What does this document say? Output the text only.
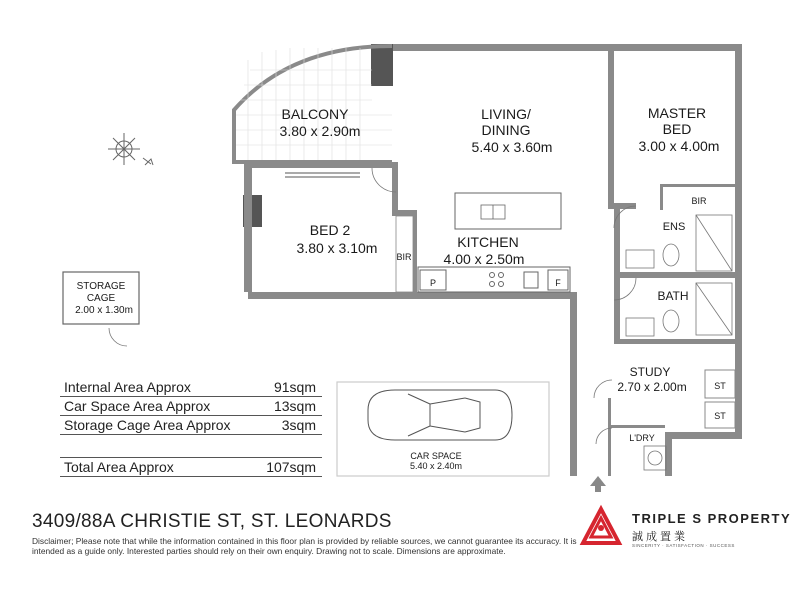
BALCONY
3.80 x 2.90m
LIVING/
DINING
5.40 x 3.60m
MASTER
BED
3.00 x 4.00m
BED 2
3.80 x 3.10m	KITCHEN
4.00 x 2.50m
STUDY
2.70 x 2.00m
STORAGE
CAGE
2.00 x 1.30m
CAR SPACE
5.40 x 2.40m
BIR
BIR
ENS
BATH
ST
ST
L'DRY
P	F
Internal Area Approx	91sqm
Car Space Area Approx	13sqm
Storage Cage Area Approx	3sqm
Total Area Approx	107sqm
3409/88A CHRISTIE ST, ST. LEONARDS
Disclaimer; Please note that while the information contained in this floor plan is provided by reliable sources, we cannot guarantee its accuracy. It is intended as a guide only. Interested parties should rely on their own enquiry. Drawing not to scale. Dimensions are approximate.
TRIPLE S PROPERTY
誠成置業
SINCERITY · SATISFACTION · SUCCESS
